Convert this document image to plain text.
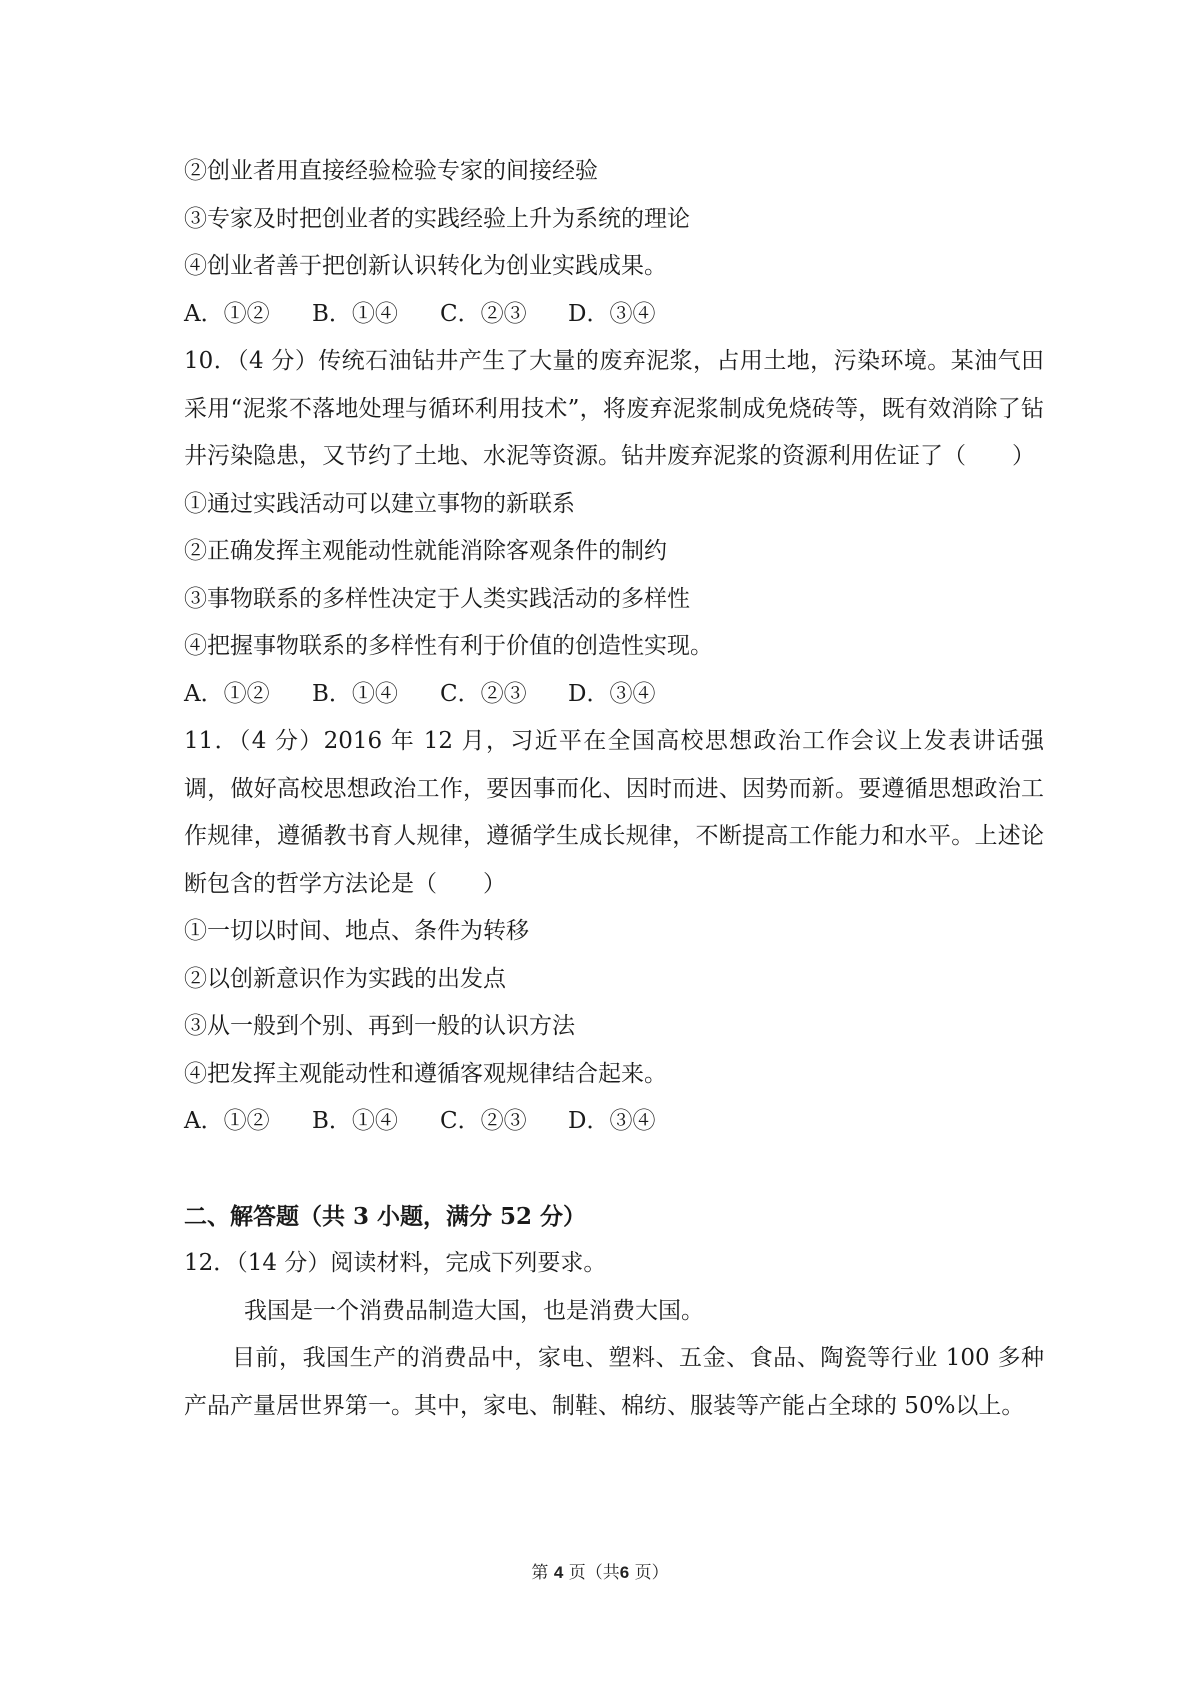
②创业者用直接经验检验专家的间接经验
③专家及时把创业者的实践经验上升为系统的理论
④创业者善于把创新认识转化为创业实践成果。
A．①② B．①④ C．②③ D．③④
10．（4 分）传统石油钻井产生了大量的废弃泥浆，占用土地，污染环境。某油气田采用“泥浆不落地处理与循环利用技术”，将废弃泥浆制成免烧砖等，既有效消除了钻井污染隐患，又节约了土地、水泥等资源。钻井废弃泥浆的资源利用佐证了（　　）
①通过实践活动可以建立事物的新联系
②正确发挥主观能动性就能消除客观条件的制约
③事物联系的多样性决定于人类实践活动的多样性
④把握事物联系的多样性有利于价值的创造性实现。
A．①② B．①④ C．②③ D．③④
11．（4 分）2016 年 12 月，习近平在全国高校思想政治工作会议上发表讲话强调，做好高校思想政治工作，要因事而化、因时而进、因势而新。要遵循思想政治工作规律，遵循教书育人规律，遵循学生成长规律，不断提高工作能力和水平。上述论断包含的哲学方法论是（　　）
①一切以时间、地点、条件为转移
②以创新意识作为实践的出发点
③从一般到个别、再到一般的认识方法
④把发挥主观能动性和遵循客观规律结合起来。
A．①② B．①④ C．②③ D．③④
二、解答题（共 3 小题，满分 52 分）
12．（14 分）阅读材料，完成下列要求。
我国是一个消费品制造大国，也是消费大国。
目前，我国生产的消费品中，家电、塑料、五金、食品、陶瓷等行业 100 多种产品产量居世界第一。其中，家电、制鞋、棉纺、服装等产能占全球的 50%以上。
第 4 页（共6 页）
